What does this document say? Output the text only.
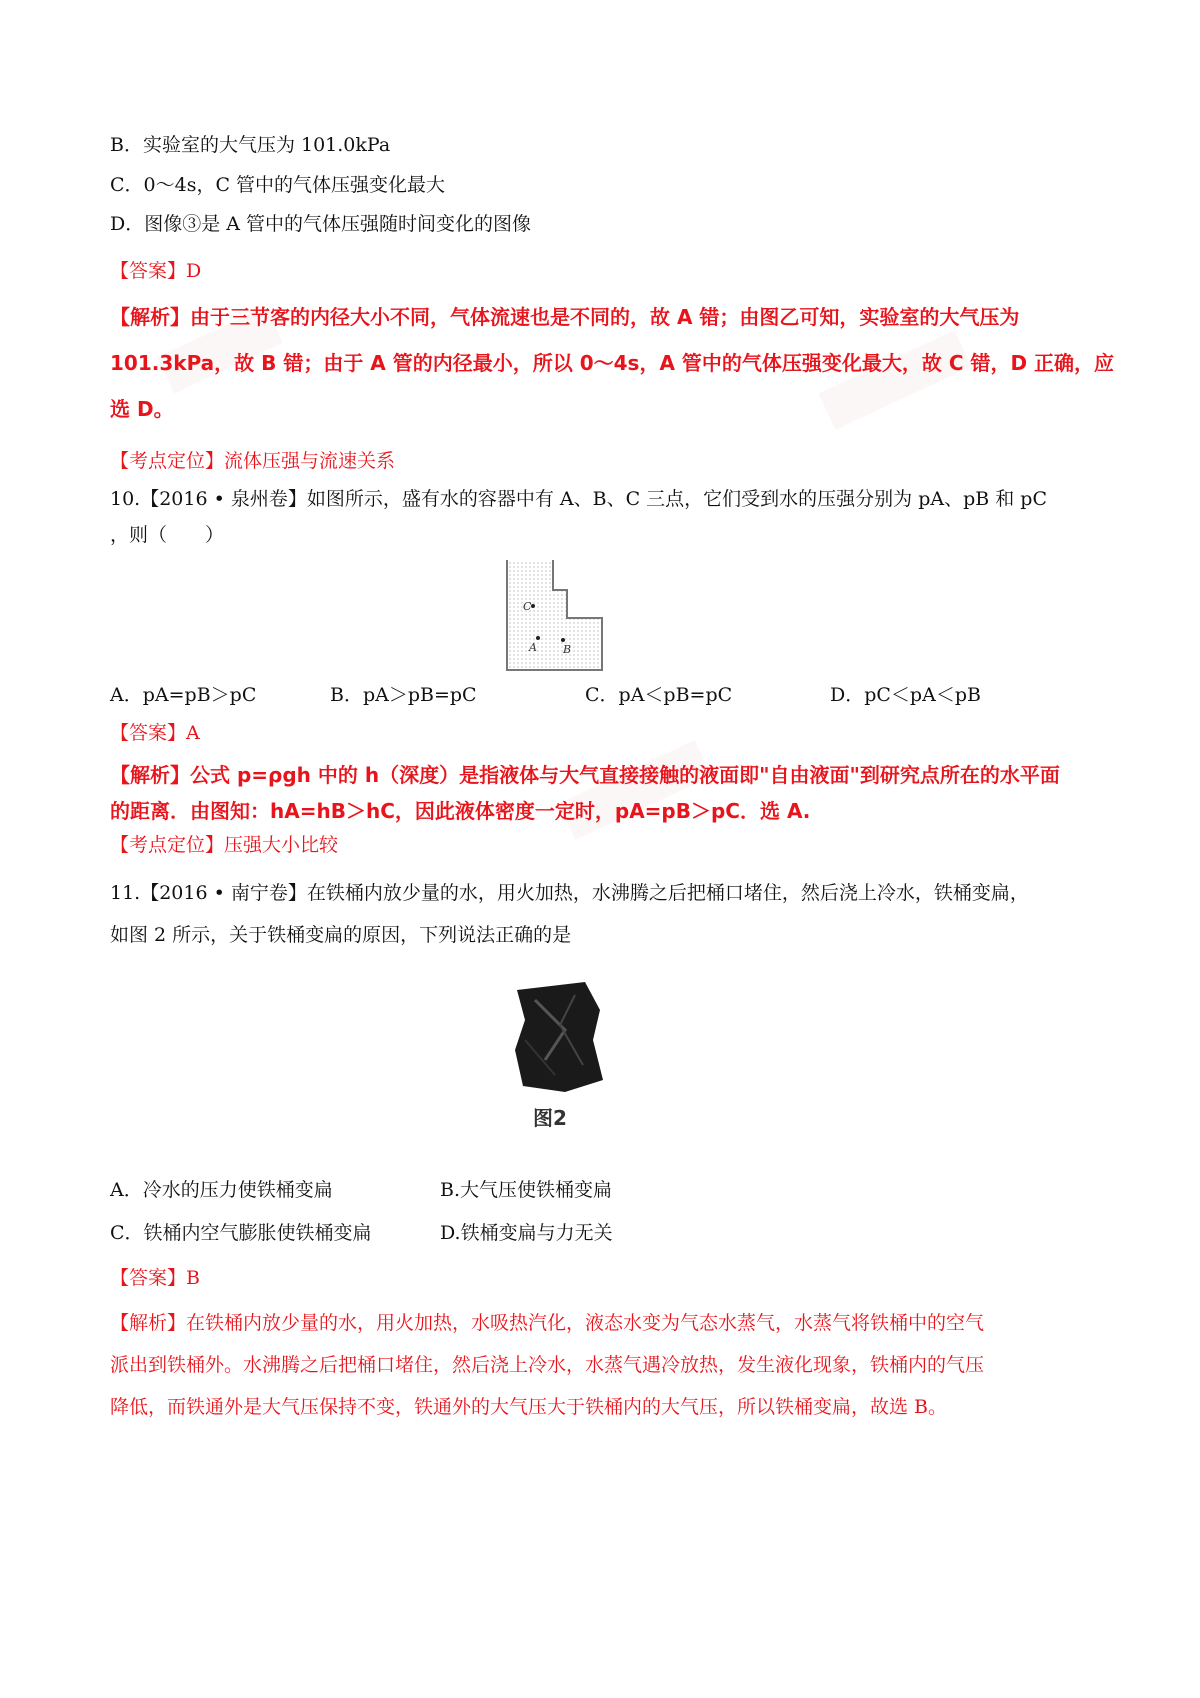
B．实验室的大气压为 101.0kPa
C．0～4s，C 管中的气体压强变化最大
D．图像③是 A 管中的气体压强随时间变化的图像
【答案】D
【解析】由于三节客的内径大小不同，气体流速也是不同的，故 A 错；由图乙可知，实验室的大气压为
101.3kPa，故 B 错；由于 A 管的内径最小，所以 0～4s，A 管中的气体压强变化最大，故 C 错，D 正确，应
选 D。
【考点定位】流体压强与流速关系
10.【2016 • 泉州卷】如图所示，盛有水的容器中有 A、B、C 三点，它们受到水的压强分别为 pA、pB 和 pC
，则（　　）
C
A B
A．pA=pB＞pC	B．pA＞pB=pC	C．pA＜pB=pC	D．pC＜pA＜pB
【答案】A
【解析】公式 p=ρgh 中的 h（深度）是指液体与大气直接接触的液面即"自由液面"到研究点所在的水平面
的距离．由图知：hA=hB＞hC，因此液体密度一定时，pA=pB＞pC．选 A.
【考点定位】压强大小比较
11.【2016 • 南宁卷】在铁桶内放少量的水，用火加热，水沸腾之后把桶口堵住，然后浇上冷水，铁桶变扁，
如图 2 所示，关于铁桶变扁的原因，下列说法正确的是
图2
A．冷水的压力使铁桶变扁	B.大气压使铁桶变扁
C．铁桶内空气膨胀使铁桶变扁	D.铁桶变扁与力无关
【答案】B
【解析】在铁桶内放少量的水，用火加热，水吸热汽化，液态水变为气态水蒸气，水蒸气将铁桶中的空气
派出到铁桶外。水沸腾之后把桶口堵住，然后浇上冷水，水蒸气遇冷放热，发生液化现象，铁桶内的气压
降低，而铁通外是大气压保持不变，铁通外的大气压大于铁桶内的大气压，所以铁桶变扁，故选 B。
